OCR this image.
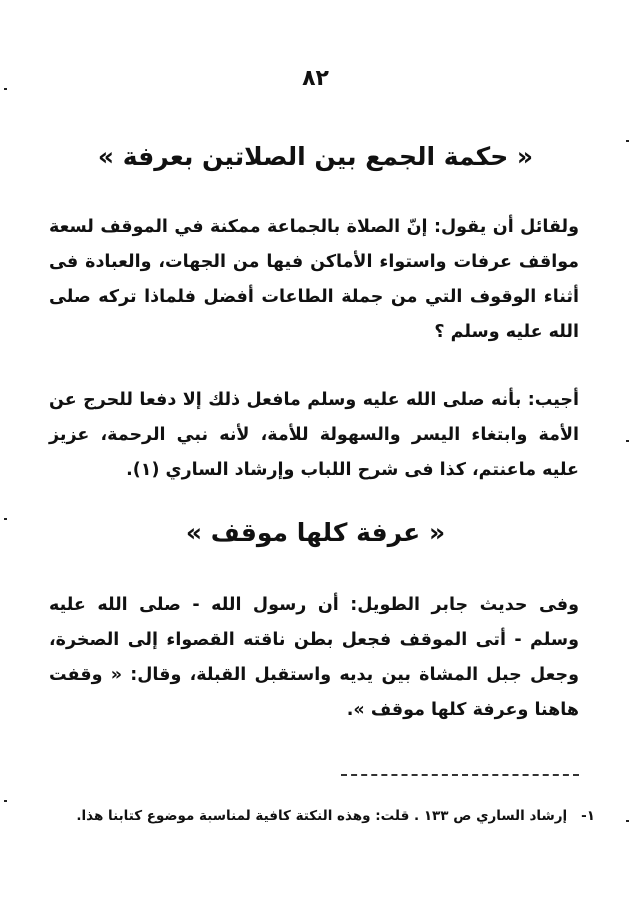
٨٢
« حكمة الجمع بين الصلاتين بعرفة »
ولقائل أن يقول: إنّ الصلاة بالجماعة ممكنة في الموقف لسعة مواقف عرفات واستواء الأماكن فيها من الجهات، والعبادة فى أثناء الوقوف التي من جملة الطاعات أفضل فلماذا تركه صلى الله عليه وسلم ؟
أجيب: بأنه صلى الله عليه وسلم مافعل ذلك إلا دفعا للحرج عن الأمة وابتغاء اليسر والسهولة للأمة، لأنه نبي الرحمة، عزيز عليه ماعنتم، كذا فى شرح اللباب وإرشاد الساري (١).
« عرفة كلها موقف »
وفى حديث جابر الطويل: أن رسول الله - صلى الله عليه وسلم - أتى الموقف فجعل بطن ناقته القصواء إلى الصخرة، وجعل جبل المشاة بين يديه واستقبل القبلة، وقال: « وقفت هاهنا وعرفة كلها موقف ».
١-
إرشاد الساري ص ١٣٣ . قلت: وهذه النكتة كافية لمناسبة موضوع كتابنا هذا.
